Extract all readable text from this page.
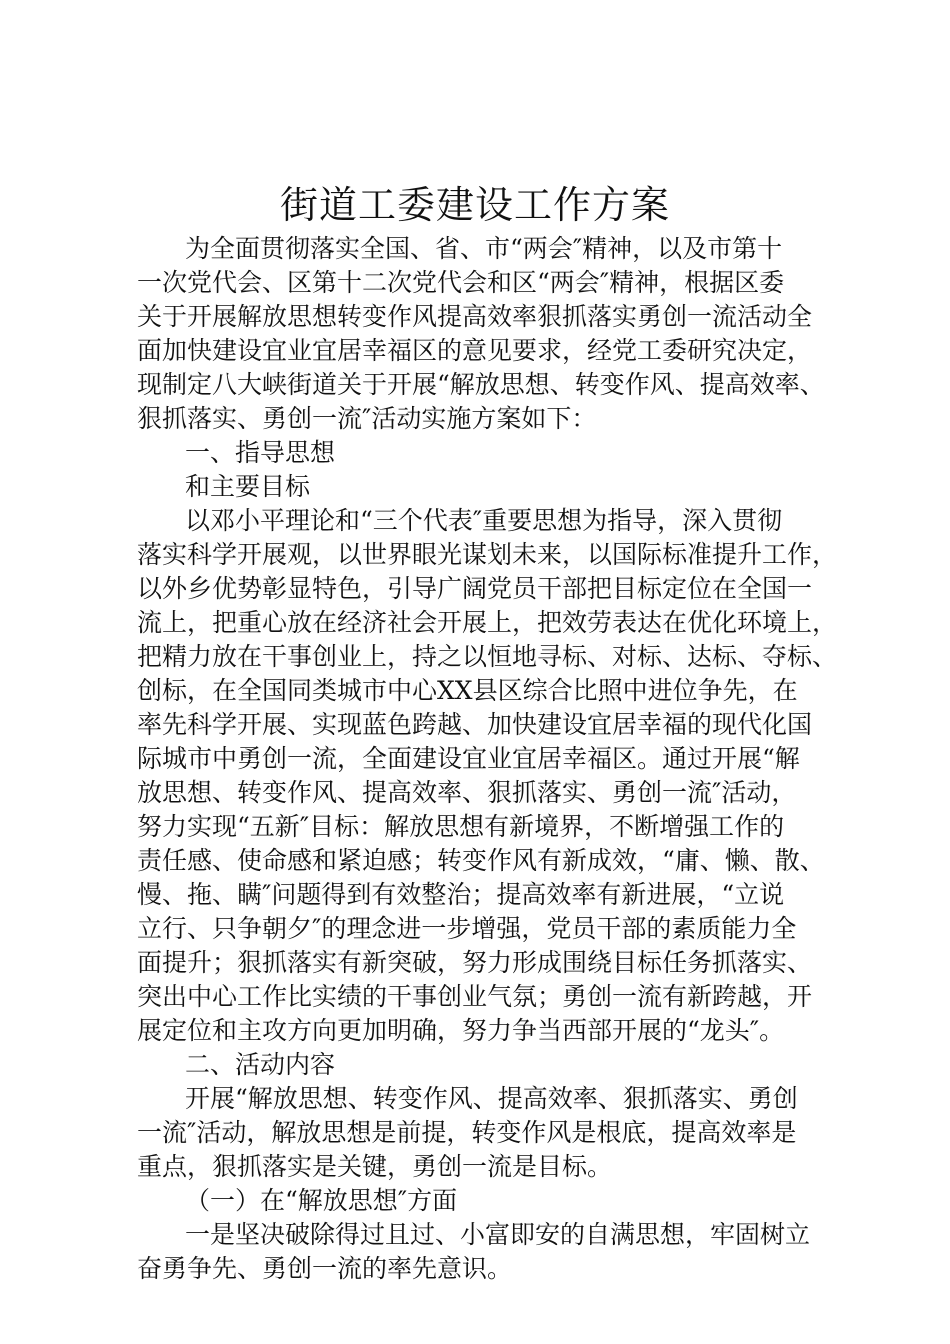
街道工委建设工作方案
为全面贯彻落实全国、省、市“两会″精神，以及市第十
一次党代会、区第十二次党代会和区“两会″精神，根据区委
关于开展解放思想转变作风提高效率狠抓落实勇创一流活动全
面加快建设宜业宜居幸福区的意见要求，经党工委研究决定，
现制定八大峡街道关于开展“解放思想、转变作风、提高效率、
狠抓落实、勇创一流″活动实施方案如下：
一、指导思想
和主要目标
以邓小平理论和“三个代表″重要思想为指导，深入贯彻
落实科学开展观，以世界眼光谋划未来，以国际标准提升工作，
以外乡优势彰显特色，引导广阔党员干部把目标定位在全国一
流上，把重心放在经济社会开展上，把效劳表达在优化环境上，
把精力放在干事创业上，持之以恒地寻标、对标、达标、夺标、
创标，在全国同类城市中心XX县区综合比照中进位争先，在
率先科学开展、实现蓝色跨越、加快建设宜居幸福的现代化国
际城市中勇创一流，全面建设宜业宜居幸福区。通过开展“解
放思想、转变作风、提高效率、狠抓落实、勇创一流″活动，
努力实现“五新″目标：解放思想有新境界，不断增强工作的
责任感、使命感和紧迫感；转变作风有新成效，“庸、懒、散、
慢、拖、瞒″问题得到有效整治；提高效率有新进展，“立说
立行、只争朝夕″的理念进一步增强，党员干部的素质能力全
面提升；狠抓落实有新突破，努力形成围绕目标任务抓落实、
突出中心工作比实绩的干事创业气氛；勇创一流有新跨越，开
展定位和主攻方向更加明确，努力争当西部开展的“龙头″。
二、活动内容
开展“解放思想、转变作风、提高效率、狠抓落实、勇创
一流″活动，解放思想是前提，转变作风是根底，提高效率是
重点，狠抓落实是关键，勇创一流是目标。
（一）在“解放思想″方面
一是坚决破除得过且过、小富即安的自满思想，牢固树立
奋勇争先、勇创一流的率先意识。
